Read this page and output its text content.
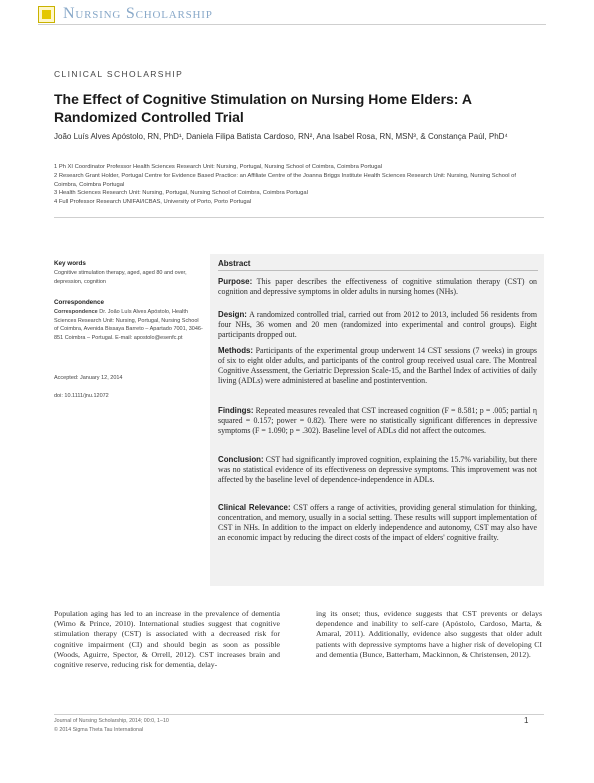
Nursing Scholarship
CLINICAL SCHOLARSHIP
The Effect of Cognitive Stimulation on Nursing Home Elders: A Randomized Controlled Trial
João Luís Alves Apóstolo, RN, PhD¹, Daniela Filipa Batista Cardoso, RN², Ana Isabel Rosa, RN, MSN³, & Constança Paúl, PhD⁴
1 Ph XI Coordinator Professor Health Sciences Research Unit: Nursing, Portugal, Nursing School of Coimbra, Coimbra Portugal
2 Research Grant Holder, Portugal Centre for Evidence Based Practice: an Affiliate Centre of the Joanna Briggs Institute Health Sciences Research Unit: Nursing, Nursing School of Coimbra, Coimbra Portugal
3 Health Sciences Research Unit: Nursing, Portugal, Nursing School of Coimbra, Coimbra Portugal
4 Full Professor Research UNIFAI/ICBAS, University of Porto, Porto Portugal
Key words
Cognitive stimulation therapy, aged, aged 80 and over, depression, cognition
Correspondence
Correspondence Dr. João Luís Alves Apóstolo, Health Sciences Research Unit: Nursing, Portugal, Nursing School of Coimbra, Avenida Bissaya Barreto – Apartado 7001, 3046-851 Coimbra – Portugal. E-mail: apostolo@esenfc.pt
Accepted: January 12, 2014
doi: 10.1111/jnu.12072
Abstract
Purpose: This paper describes the effectiveness of cognitive stimulation therapy (CST) on cognition and depressive symptoms in older adults in nursing homes (NHs).
Design: A randomized controlled trial, carried out from 2012 to 2013, included 56 residents from four NHs, 36 women and 20 men (randomized into experimental and control groups). Eight participants dropped out.
Methods: Participants of the experimental group underwent 14 CST sessions (7 weeks) in groups of six to eight older adults, and participants of the control group received usual care. The Montreal Cognitive Assessment, the Geriatric Depression Scale-15, and the Barthel Index of activities of daily living (ADLs) were administered at baseline and postintervention.
Findings: Repeated measures revealed that CST increased cognition (F = 8.581; p = .005; partial η squared = 0.157; power = 0.82). There were no statistically significant differences in depressive symptoms (F = 1.090; p = .302). Baseline level of ADLs did not affect the outcomes.
Conclusion: CST had significantly improved cognition, explaining the 15.7% variability, but there was no statistical evidence of its effectiveness on depressive symptoms. This improvement was not affected by the baseline level of dependence-independence in ADLs.
Clinical Relevance: CST offers a range of activities, providing general stimulation for thinking, concentration, and memory, usually in a social setting. These results will support implementation of CST in NHs. In addition to the impact on elderly independence and autonomy, CST may also have an economic impact by reducing the direct costs of the impact of elders' cognitive frailty.
Population aging has led to an increase in the prevalence of dementia (Wimo & Prince, 2010). International studies suggest that cognitive stimulation therapy (CST) is associated with a decreased risk for cognitive impairment (CI) and should begin as soon as possible (Woods, Aguirre, Spector, & Orrell, 2012). CST increases brain and cognitive reserve, reducing risk for dementia, delay-
ing its onset; thus, evidence suggests that CST prevents or delays dependence and inability to self-care (Apóstolo, Cardoso, Marta, & Amaral, 2011). Additionally, evidence also suggests that older adult patients with depressive symptoms have a higher risk of developing CI and dementia (Bunce, Batterham, Mackinnon, & Christensen, 2012).
Journal of Nursing Scholarship, 2014; 00:0, 1–10
© 2014 Sigma Theta Tau International
1
